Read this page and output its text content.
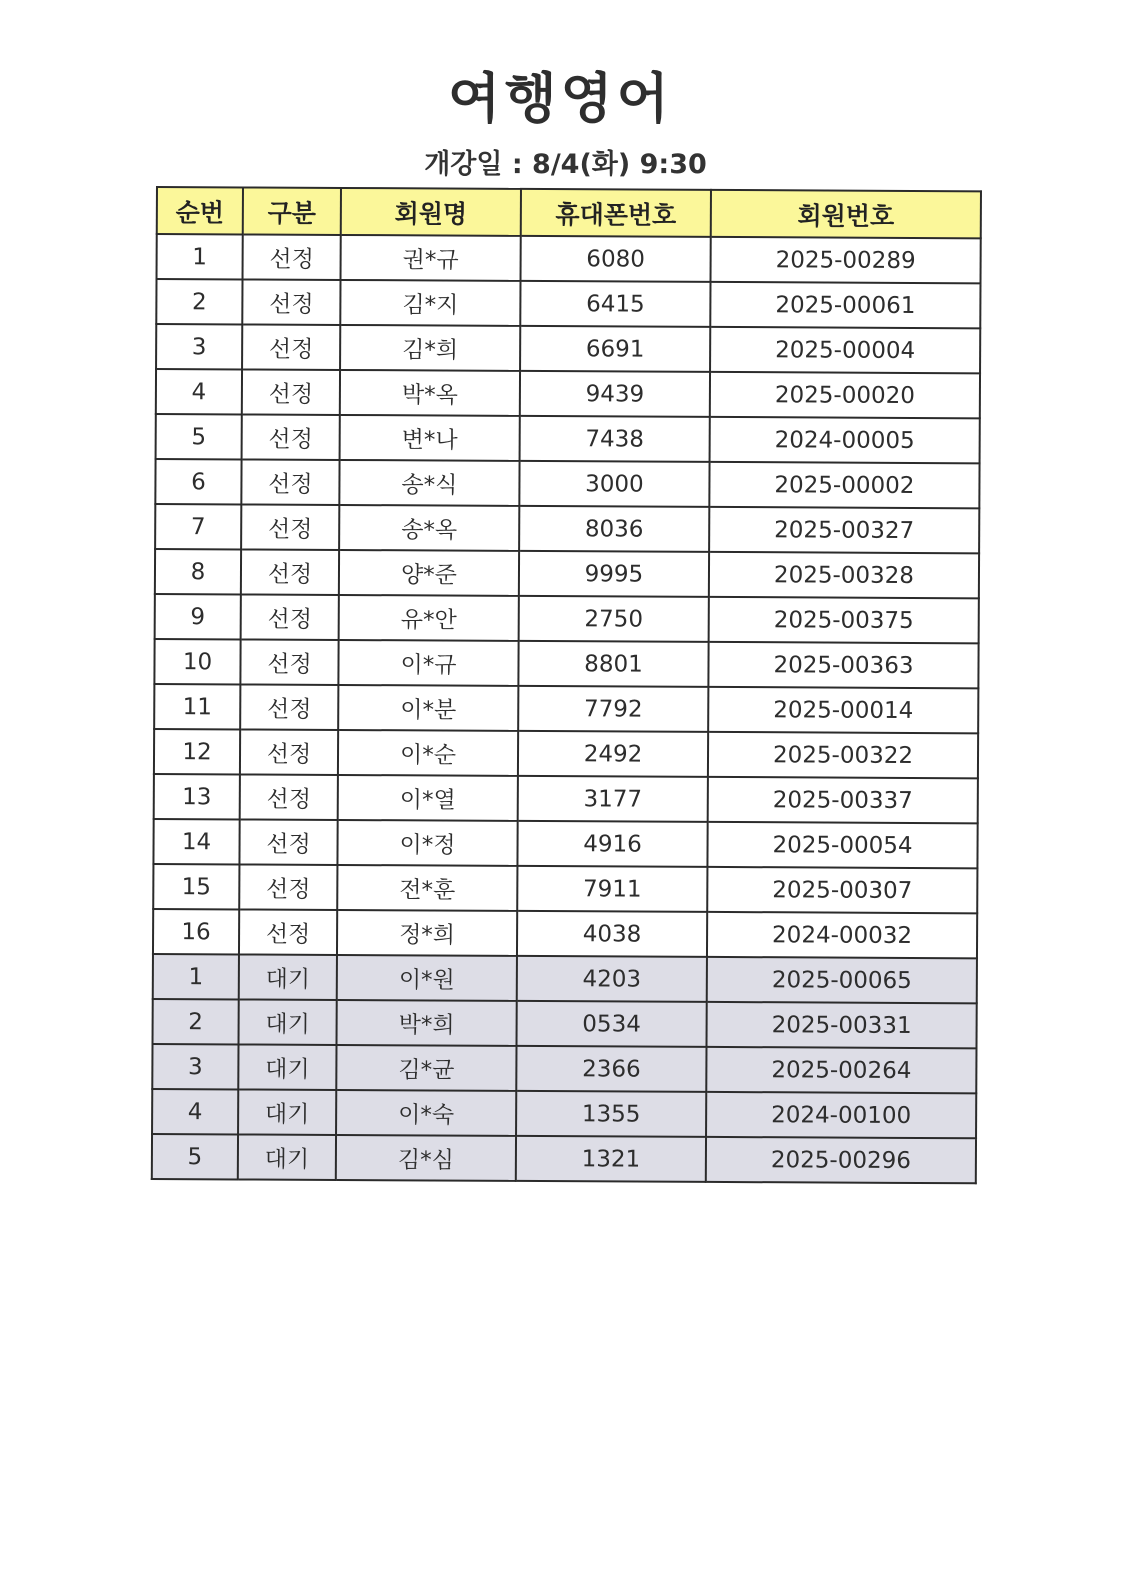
여행영어

개강일 : 8/4(화) 9:30

순번	구분	회원명	휴대폰번호	회원번호
1	선정	권*규	6080	2025-00289
2	선정	김*지	6415	2025-00061
3	선정	김*희	6691	2025-00004
4	선정	박*옥	9439	2025-00020
5	선정	변*나	7438	2024-00005
6	선정	송*식	3000	2025-00002
7	선정	송*옥	8036	2025-00327
8	선정	양*준	9995	2025-00328
9	선정	유*안	2750	2025-00375
10	선정	이*규	8801	2025-00363
11	선정	이*분	7792	2025-00014
12	선정	이*순	2492	2025-00322
13	선정	이*열	3177	2025-00337
14	선정	이*정	4916	2025-00054
15	선정	전*훈	7911	2025-00307
16	선정	정*희	4038	2024-00032
1	대기	이*원	4203	2025-00065
2	대기	박*희	0534	2025-00331
3	대기	김*균	2366	2025-00264
4	대기	이*숙	1355	2024-00100
5	대기	김*심	1321	2025-00296
